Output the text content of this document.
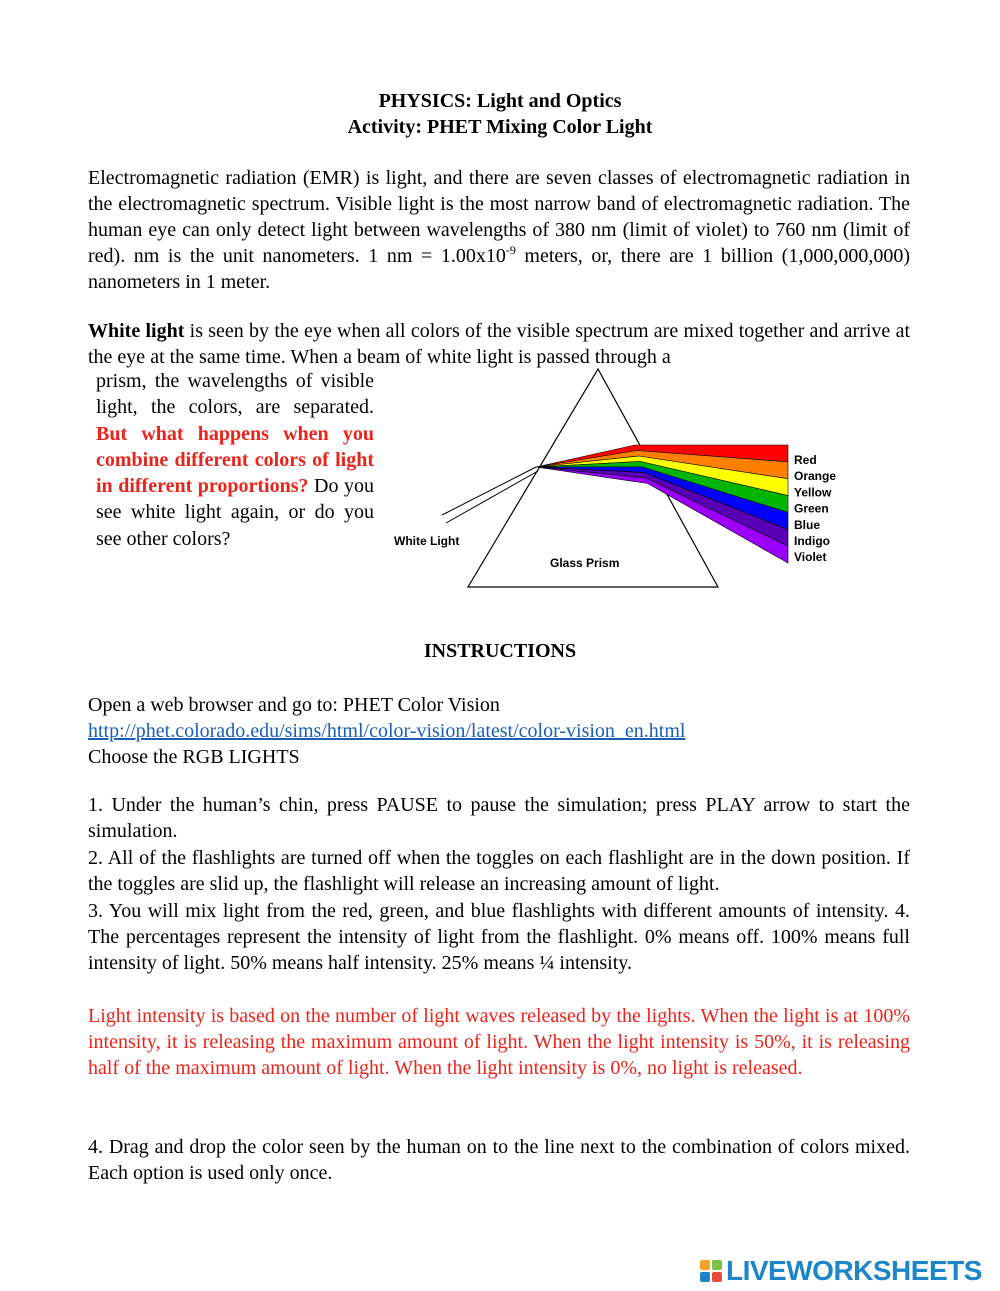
PHYSICS: Light and Optics
Activity: PHET Mixing Color Light
Electromagnetic radiation (EMR) is light, and there are seven classes of electromagnetic radiation in the electromagnetic spectrum. Visible light is the most narrow band of electromagnetic radiation. The human eye can only detect light between wavelengths of 380 nm (limit of violet) to 760 nm (limit of red). nm is the unit nanometers. 1 nm = $1.00x10^{-9}$ meters, or, there are 1 billion (1,000,000,000) nanometers in 1 meter.
White light is seen by the eye when all colors of the visible spectrum are mixed together and arrive at the eye at the same time. When a beam of white light is passed through a
prism, the wavelengths of visible light, the colors, are separated. But what happens when you combine different colors of light in different proportions? Do you see white light again, or do you see other colors?	White Light
Glass Prism
Red
Orange
Yellow
Green
Blue
Indigo
Violet
INSTRUCTIONS
Open a web browser and go to: PHET Color Vision
http://phet.colorado.edu/sims/html/color-vision/latest/color-vision_en.html
Choose the RGB LIGHTS
1. Under the human’s chin, press PAUSE to pause the simulation; press PLAY arrow to start the simulation.
2. All of the flashlights are turned off when the toggles on each flashlight are in the down position. If the toggles are slid up, the flashlight will release an increasing amount of light.
3. You will mix light from the red, green, and blue flashlights with different amounts of intensity. 4. The percentages represent the intensity of light from the flashlight. 0% means off. 100% means full intensity of light. 50% means half intensity. 25% means ¼ intensity.
Light intensity is based on the number of light waves released by the lights. When the light is at 100% intensity, it is releasing the maximum amount of light. When the light intensity is 50%, it is releasing half of the maximum amount of light. When the light intensity is 0%, no light is released.
4. Drag and drop the color seen by the human on to the line next to the combination of colors mixed. Each option is used only once.
LIVEWORKSHEETS
